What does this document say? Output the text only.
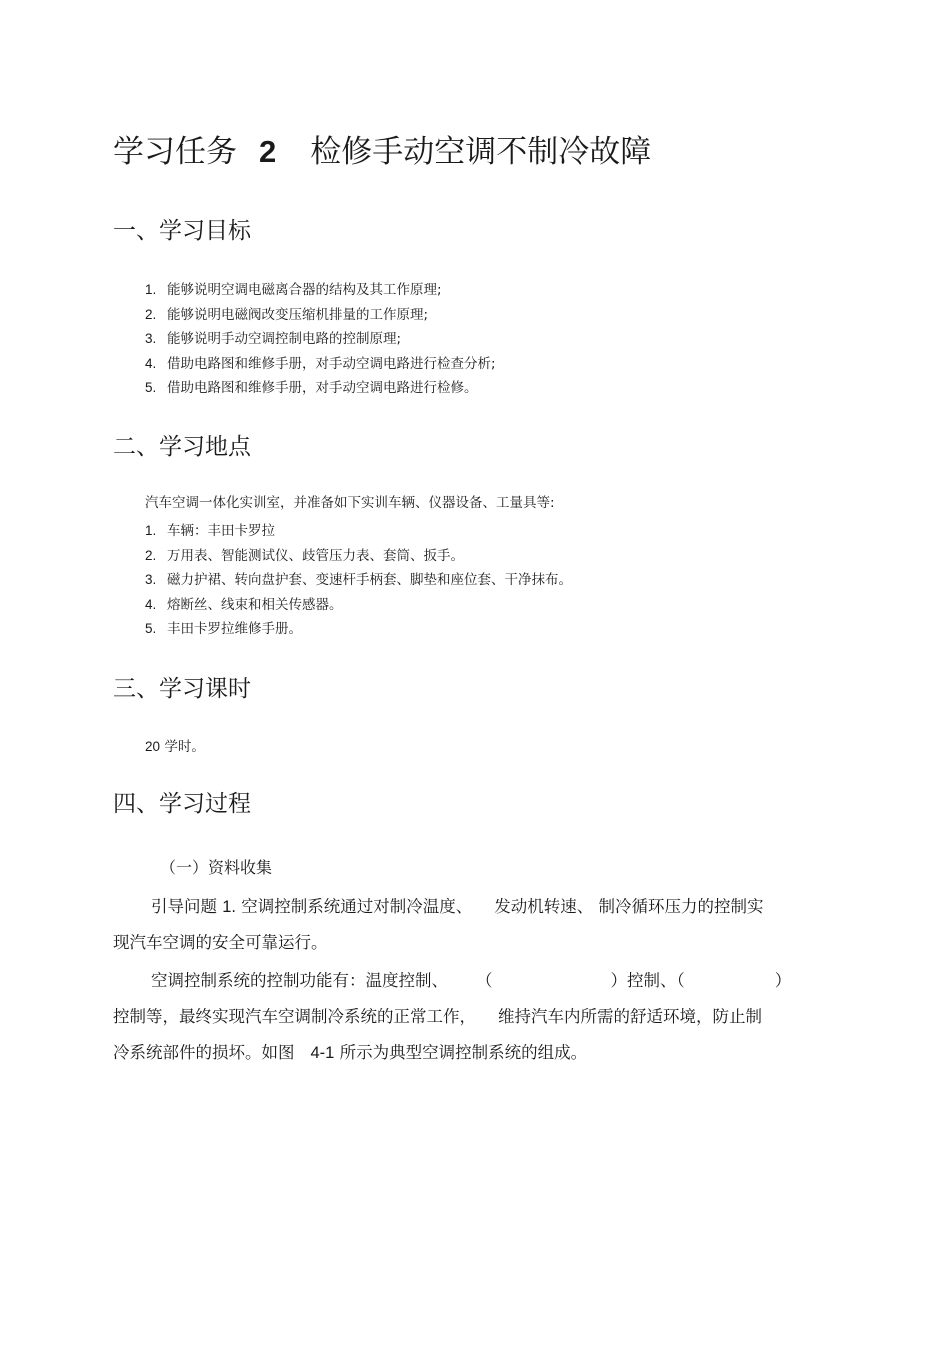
学习任务 2 检修手动空调不制冷故障
一、学习目标
1. 能够说明空调电磁离合器的结构及其工作原理;
2. 能够说明电磁阀改变压缩机排量的工作原理;
3. 能够说明手动空调控制电路的控制原理;
4. 借助电路图和维修手册，对手动空调电路进行检查分析;
5. 借助电路图和维修手册，对手动空调电路进行检修。
二、学习地点
汽车空调一体化实训室，并准备如下实训车辆、仪器设备、工量具等:
1. 车辆：丰田卡罗拉
2. 万用表、智能测试仪、歧管压力表、套筒、扳手。
3. 磁力护裙、转向盘护套、变速杆手柄套、脚垫和座位套、干净抹布。
4. 熔断丝、线束和相关传感器。
5. 丰田卡罗拉维修手册。
三、学习课时
20 学时。
四、学习过程
（一）资料收集
引导问题 1. 空调控制系统通过对制冷温度、 发动机转速、 制冷循环压力的控制实
现汽车空调的安全可靠运行。
空调控制系统的控制功能有：温度控制、 （	）控制、（	）
控制等，最终实现汽车空调制冷系统的正常工作， 维持汽车内所需的舒适环境，防止制
冷系统部件的损坏。如图 4-1 所示为典型空调控制系统的组成。
